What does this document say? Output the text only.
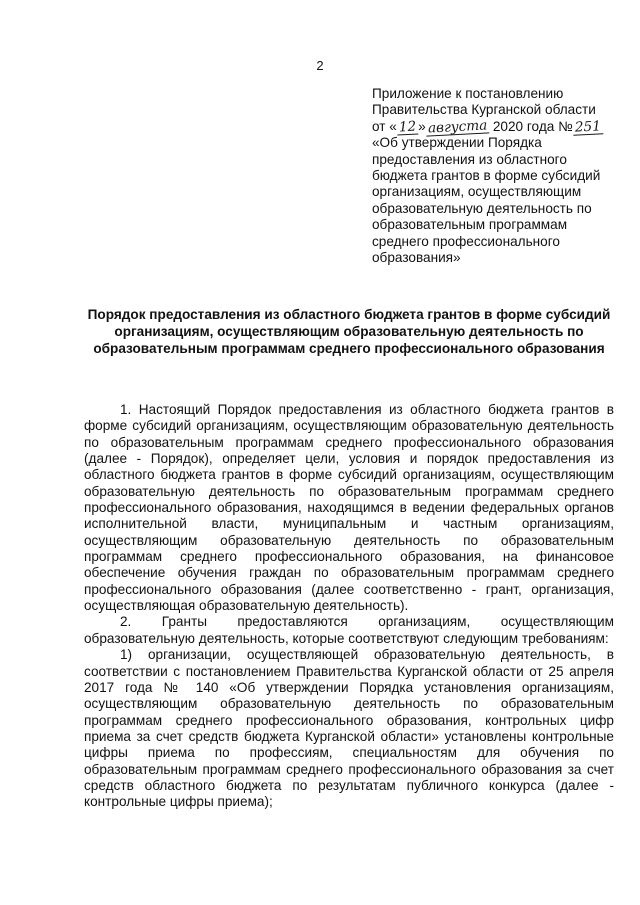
2
Приложение к постановлению
Правительства Курганской области
от « 12 » августа 2020 года № 251
«Об утверждении Порядка
предоставления из областного
бюджета грантов в форме субсидий
организациям, осуществляющим
образовательную деятельность по
образовательным программам
среднего профессионального
образования»
Порядок предоставления из областного бюджета грантов в форме субсидий организациям, осуществляющим образовательную деятельность по образовательным программам среднего профессионального образования

1. Настоящий Порядок предоставления из областного бюджета грантов в форме субсидий организациям, осуществляющим образовательную деятельность по образовательным программам среднего профессионального образования (далее - Порядок), определяет цели, условия и порядок предоставления из областного бюджета грантов в форме субсидий организациям, осуществляющим образовательную деятельность по образовательным программам среднего профессионального образования, находящимся в ведении федеральных органов исполнительной власти, муниципальным и частным организациям, осуществляющим образовательную деятельность по образовательным программам среднего профессионального образования, на финансовое обеспечение обучения граждан по образовательным программам среднего профессионального образования (далее соответственно - грант, организация, осуществляющая образовательную деятельность).

2. Гранты предоставляются организациям, осуществляющим образовательную деятельность, которые соответствуют следующим требованиям:

1) организации, осуществляющей образовательную деятельность, в соответствии с постановлением Правительства Курганской области от 25 апреля 2017 года № 140 «Об утверждении Порядка установления организациям, осуществляющим образовательную деятельность по образовательным программам среднего профессионального образования, контрольных цифр приема за счет средств бюджета Курганской области» установлены контрольные цифры приема по профессиям, специальностям для обучения по образовательным программам среднего профессионального образования за счет средств областного бюджета по результатам публичного конкурса (далее - контрольные цифры приема);
